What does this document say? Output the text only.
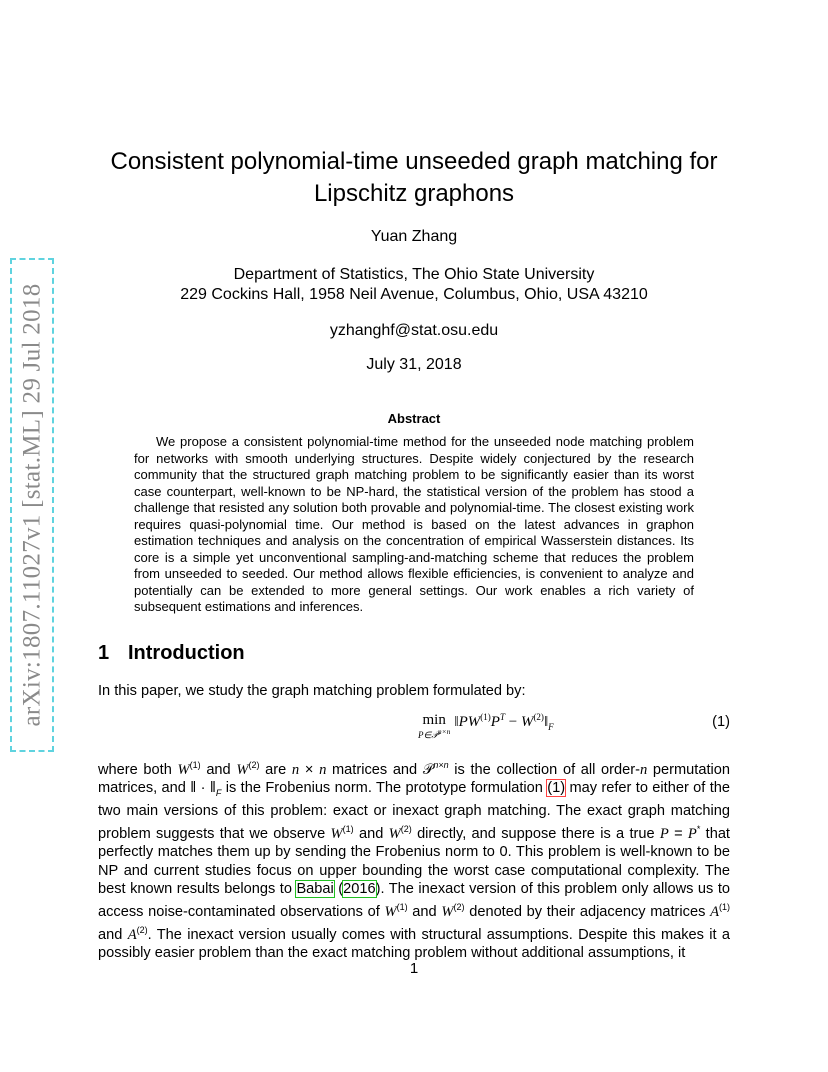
arXiv:1807.11027v1 [stat.ML] 29 Jul 2018
Consistent polynomial-time unseeded graph matching for Lipschitz graphons
Yuan Zhang
Department of Statistics, The Ohio State University
229 Cockins Hall, 1958 Neil Avenue, Columbus, Ohio, USA 43210
yzhanghf@stat.osu.edu
July 31, 2018
Abstract

We propose a consistent polynomial-time method for the unseeded node matching problem for networks with smooth underlying structures. Despite widely conjectured by the research community that the structured graph matching problem to be significantly easier than its worst case counterpart, well-known to be NP-hard, the statistical version of the problem has stood a challenge that resisted any solution both provable and polynomial-time. The closest existing work requires quasi-polynomial time. Our method is based on the latest advances in graphon estimation techniques and analysis on the concentration of empirical Wasserstein distances. Its core is a simple yet unconventional sampling-and-matching scheme that reduces the problem from unseeded to seeded. Our method allows flexible efficiencies, is convenient to analyze and potentially can be extended to more general settings. Our work enables a rich variety of subsequent estimations and inferences.

1 Introduction

In this paper, we study the graph matching problem formulated by:

min
P∈𝒫$^{n\times n}$
$‖PW^{(1)}P^T$ − $W^{(2)}‖_F$	(1)

where both $W^{(1)}$ and $W^{(2)}$ are n × n matrices and 𝒫$^{n\times n}$ is the collection of all order-n permutation matrices, and ‖ · $‖_F$ is the Frobenius norm. The prototype formulation (1) may refer to either of the two main versions of this problem: exact or inexact graph matching. The exact graph matching problem suggests that we observe $W^{(1)}$ and $W^{(2)}$ directly, and suppose there is a true P = P* that perfectly matches them up by sending the Frobenius norm to 0. This problem is well-known to be NP and current studies focus on upper bounding the worst case computational complexity. The best known results belongs to Babai (2016). The inexact version of this problem only allows us to access noise-contaminated observations of $W^{(1)}$ and $W^{(2)}$ denoted by their adjacency matrices $A^{(1)}$ and $A^{(2)}$. The inexact version usually comes with structural assumptions. Despite this makes it a possibly easier problem than the exact matching problem without additional assumptions, it

1
